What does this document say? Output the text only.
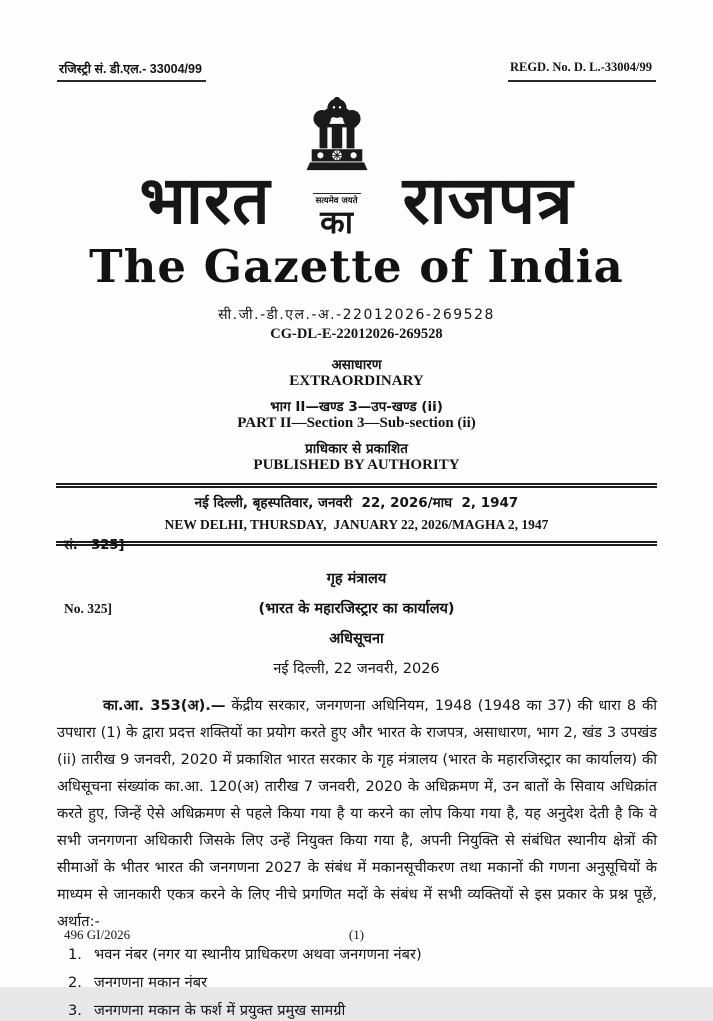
रजिस्ट्री सं. डी.एल.- 33004/99	REGD. No. D. L.-33004/99
भारत	सत्यमेव जयते
का राजपत्र
The Gazette of India
सी.जी.-डी.एल.-अ.-22012026-269528
CG-DL-E-22012026-269528
असाधारण
EXTRAORDINARY
भाग II—खण्ड 3—उप-खण्ड (ii)
PART II—Section 3—Sub-section (ii)
प्राधिकार से प्रकाशित
PUBLISHED BY AUTHORITY

सं.   325]

No. 325]

नई दिल्ली, बृहस्पतिवार, जनवरी  22, 2026/माघ  2, 1947
NEW DELHI, THURSDAY,  JANUARY 22, 2026/MAGHA 2, 1947
गृह मंत्रालय
(भारत के महारजिस्ट्रार का कार्यालय)
अधिसूचना
नई दिल्ली, 22 जनवरी, 2026

का.आ. 353(अ).— केंद्रीय सरकार, जनगणना अधिनियम, 1948 (1948 का 37) की धारा 8 की उपधारा (1) के द्वारा प्रदत्त शक्तियों का प्रयोग करते हुए और भारत के राजपत्र, असाधारण, भाग 2, खंड 3 उपखंड (ii) तारीख 9 जनवरी, 2020 में प्रकाशित भारत सरकार के गृह मंत्रालय (भारत के महारजिस्ट्रार का कार्यालय) की अधिसूचना संख्यांक का.आ. 120(अ) तारीख 7 जनवरी, 2020 के अधिक्रमण में, उन बातों के सिवाय अधिक्रांत करते हुए, जिन्हें ऐसे अधिक्रमण से पहले किया गया है या करने का लोप किया गया है, यह अनुदेश देती है कि वे सभी जनगणना अधिकारी जिसके लिए उन्हें नियुक्त किया गया है, अपनी नियुक्ति से संबंधित स्थानीय क्षेत्रों की सीमाओं के भीतर भारत की जनगणना 2027 के संबंध में मकानसूचीकरण तथा मकानों की गणना अनुसूचियों के माध्यम से जानकारी एकत्र करने के लिए नीचे प्रगणित मदों के संबंध में सभी व्यक्तियों से इस प्रकार के प्रश्न पूछें, अर्थात:-

1. भवन नंबर (नगर या स्थानीय प्राधिकरण अथवा जनगणना नंबर)
2. जनगणना मकान नंबर
3. जनगणना मकान के फर्श में प्रयुक्त प्रमुख सामग्री
496 GI/2026	(1)
